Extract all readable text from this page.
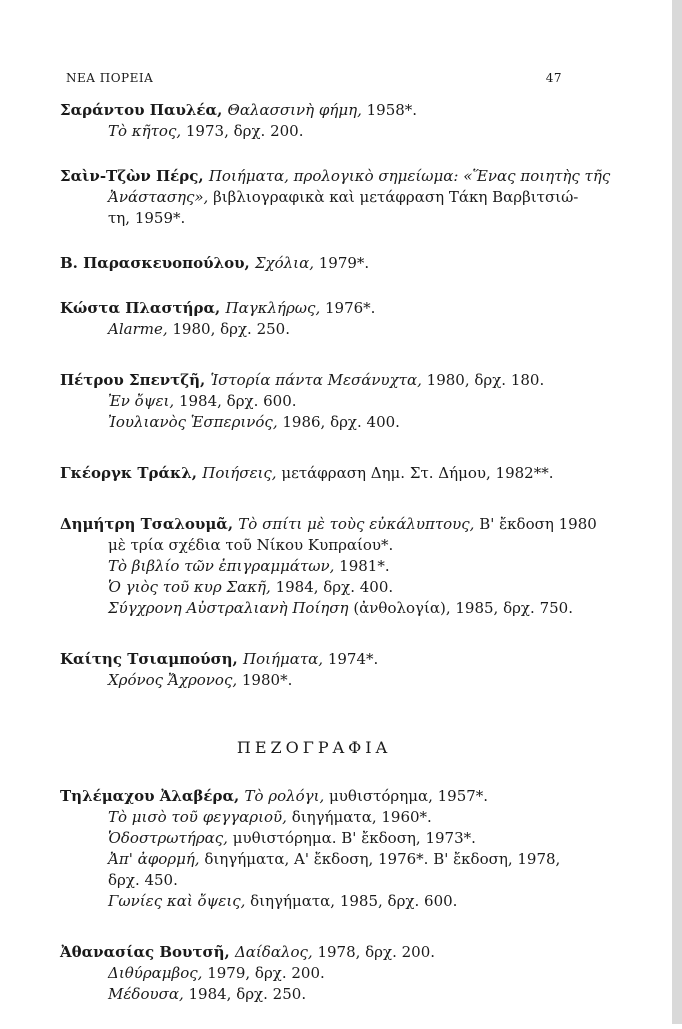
ΝΕΑ ΠΟΡΕΙΑ	47
Σαράντου Παυλέα, Θαλασσινὴ φήμη, 1958*.
Τὸ κῆτος, 1973, δρχ. 200.
Σαὶν-Τζὼν Πέρς, Ποιήματα, προλογικὸ σημείωμα: «Ἕνας ποιητὴς τῆς
Ἀνάστασης», βιβλιογραφικὰ καὶ μετάφραση Τάκη Βαρβιτσιώ-
τη, 1959*.
Β. Παρασκευοπούλου, Σχόλια, 1979*.
Κώστα Πλαστήρα, Παγκλήρως, 1976*.
Alarme, 1980, δρχ. 250.
Πέτρου Σπεντζῆ, Ἱστορία πάντα Μεσάνυχτα, 1980, δρχ. 180.
Ἐν ὄψει, 1984, δρχ. 600.
Ἰουλιανὸς Ἑσπερινός, 1986, δρχ. 400.
Γκέοργκ Τράκλ, Ποιήσεις, μετάφραση Δημ. Στ. Δήμου, 1982**.
Δημήτρη Τσαλουμᾶ, Τὸ σπίτι μὲ τοὺς εὐκάλυπτους, Β' ἔκδοση 1980
μὲ τρία σχέδια τοῦ Νίκου Κυπραίου*.
Τὸ βιβλίο τῶν ἐπιγραμμάτων, 1981*.
Ὁ γιὸς τοῦ κυρ Σακῆ, 1984, δρχ. 400.
Σύγχρονη Αὐστραλιανὴ Ποίηση (ἀνθολογία), 1985, δρχ. 750.
Καίτης Τσιαμπούση, Ποιήματα, 1974*.
Χρόνος Ἄχρονος, 1980*.
ΠΕΖΟΓΡΑΦΙΑ
Τηλέμαχου Ἀλαβέρα, Τὸ ρολόγι, μυθιστόρημα, 1957*.
Τὸ μισὸ τοῦ φεγγαριοῦ, διηγήματα, 1960*.
Ὁδοστρωτήρας, μυθιστόρημα. Β' ἔκδοση, 1973*.
Ἀπ' ἀφορμή, διηγήματα, Α' ἔκδοση, 1976*. Β' ἔκδοση, 1978,
δρχ. 450.
Γωνίες καὶ ὄψεις, διηγήματα, 1985, δρχ. 600.
Ἀθανασίας Βουτσῆ, Δαίδαλος, 1978, δρχ. 200.
Διθύραμβος, 1979, δρχ. 200.
Μέδουσα, 1984, δρχ. 250.
